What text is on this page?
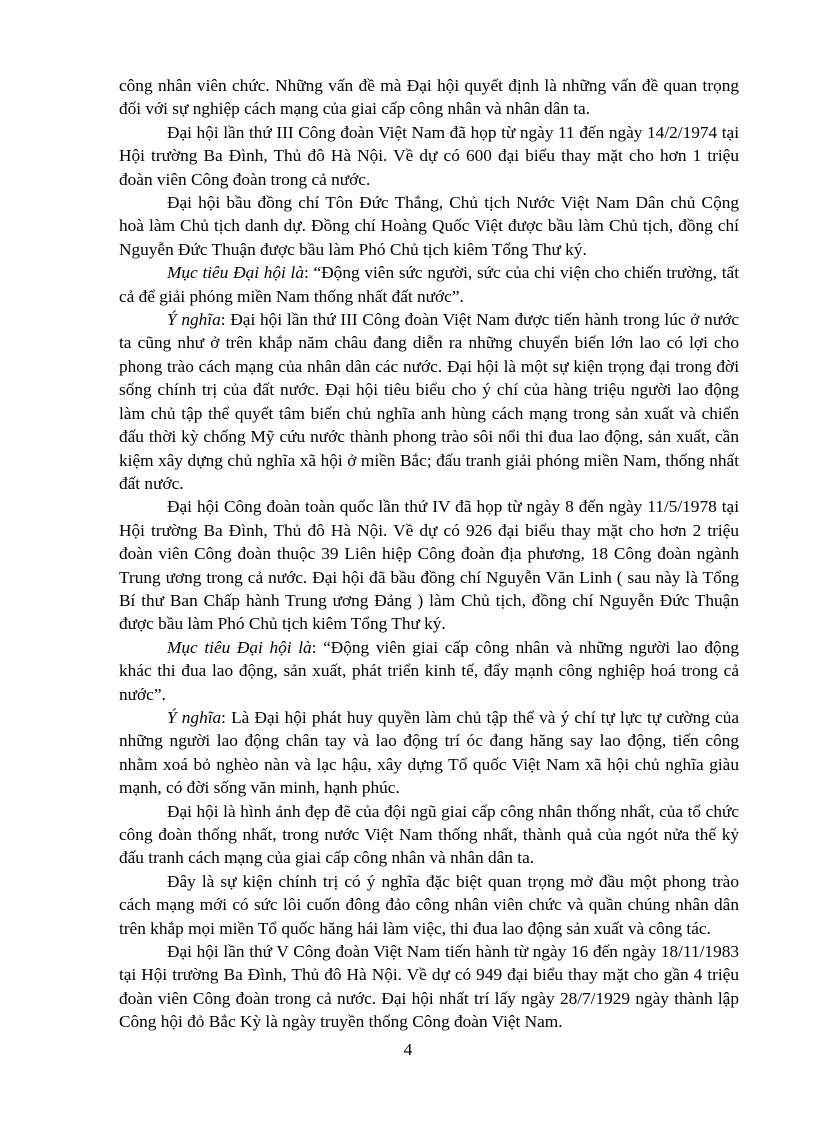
công nhân viên chức. Những vấn đề mà Đại hội quyết định là những vấn đề quan trọng đối với sự nghiệp cách mạng của giai cấp công nhân và nhân dân ta.

Đại hội lần thứ III Công đoàn Việt Nam đã họp từ ngày 11 đến ngày 14/2/1974 tại Hội trường Ba Đình, Thủ đô Hà Nội. Về dự có 600 đại biểu thay mặt cho hơn 1 triệu đoàn viên Công đoàn trong cả nước.

Đại hội bầu đồng chí Tôn Đức Thắng, Chủ tịch Nước Việt Nam Dân chủ Cộng hoà làm Chủ tịch danh dự. Đồng chí Hoàng Quốc Việt được bầu làm Chủ tịch, đồng chí Nguyễn Đức Thuận được bầu làm Phó Chủ tịch kiêm Tổng Thư ký.

Mục tiêu Đại hội là: “Động viên sức người, sức của chi viện cho chiến trường, tất cả để giải phóng miền Nam thống nhất đất nước”.

Ý nghĩa: Đại hội lần thứ III Công đoàn Việt Nam được tiến hành trong lúc ở nước ta cũng như ở trên khắp năm châu đang diễn ra những chuyển biến lớn lao có lợi cho phong trào cách mạng của nhân dân các nước. Đại hội là một sự kiện trọng đại trong đời sống chính trị của đất nước. Đại hội tiêu biểu cho ý chí của hàng triệu người lao động làm chủ tập thể quyết tâm biến chủ nghĩa anh hùng cách mạng trong sản xuất và chiến đấu thời kỳ chống Mỹ cứu nước thành phong trào sôi nổi thi đua lao động, sản xuất, cần kiệm xây dựng chủ nghĩa xã hội ở miền Bắc; đấu tranh giải phóng miền Nam, thống nhất đất nước.

Đại hội Công đoàn toàn quốc lần thứ IV đã họp từ ngày 8 đến ngày 11/5/1978 tại Hội trường Ba Đình, Thủ đô Hà Nội. Về dự có 926 đại biểu thay mặt cho hơn 2 triệu đoàn viên Công đoàn thuộc 39 Liên hiệp Công đoàn địa phương, 18 Công đoàn ngành Trung ương trong cả nước. Đại hội đã bầu đồng chí Nguyễn Văn Linh ( sau này là Tổng Bí thư Ban Chấp hành Trung ương Đảng ) làm Chủ tịch, đồng chí Nguyễn Đức Thuận được bầu làm Phó Chủ tịch kiêm Tổng Thư ký.

Mục tiêu Đại hội là: “Động viên giai cấp công nhân và những người lao động khác thi đua lao động, sản xuất, phát triển kinh tế, đẩy mạnh công nghiệp hoá trong cả nước”.

Ý nghĩa: Là Đại hội phát huy quyền làm chủ tập thể và ý chí tự lực tự cường của những người lao động chân tay và lao động trí óc đang hăng say lao động, tiến công nhằm xoá bỏ nghèo nàn và lạc hậu, xây dựng Tổ quốc Việt Nam xã hội chủ nghĩa giàu mạnh, có đời sống văn minh, hạnh phúc.

Đại hội là hình ảnh đẹp đẽ của đội ngũ giai cấp công nhân thống nhất, của tổ chức công đoàn thống nhất, trong nước Việt Nam thống nhất, thành quả của ngót nửa thế kỷ đấu tranh cách mạng của giai cấp công nhân và nhân dân ta.

Đây là sự kiện chính trị có ý nghĩa đặc biệt quan trọng mở đầu một phong trào cách mạng mới có sức lôi cuốn đông đảo công nhân viên chức và quần chúng nhân dân trên khắp mọi miền Tổ quốc hăng hái làm việc, thi đua lao động sản xuất và công tác.

Đại hội lần thứ V Công đoàn Việt Nam tiến hành từ ngày 16 đến ngày 18/11/1983 tại Hội trường Ba Đình, Thủ đô Hà Nội. Về dự có 949 đại biểu thay mặt cho gần 4 triệu đoàn viên Công đoàn trong cả nước. Đại hội nhất trí lấy ngày 28/7/1929 ngày thành lập Công hội đỏ Bắc Kỳ là ngày truyền thống Công đoàn Việt Nam.

4
